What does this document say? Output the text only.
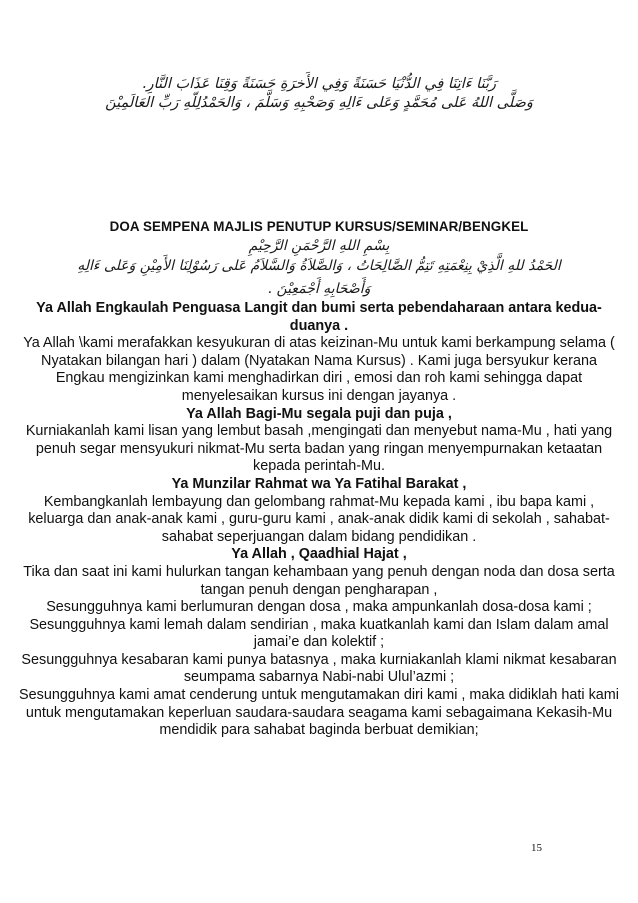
رَبَّنَا ءَاتِنَا فِي الدُّنْيَا حَسَنَةً وَفِي الأَخرَةِ حَسَنَةً وَقِنَا عَذَابَ النَّارِ.
وَصَلَّى اللهُ عَلى مُحَمَّدٍ وَعَلى ءَالِهِ وَصَحْبِهِ وَسَلَّمَ ، وَالحَمْدُلِلّهِ رَبِّ العَالَمِيْنَ
DOA SEMPENA MAJLIS PENUTUP KURSUS/SEMINAR/BENGKEL
بِسْمِ اللهِ الرَّحْمَنِ الرَّحِيْمِ
الحَمْدُ للهِ الَّذِيْ بِنِعْمَتِهِ تَتِمُّ الصَّالِحَاتُ ، وَالصَّلاَةُ وَالسَّلاَمُ عَلى رَسُوْلِنَا الأَمِيْنِ وَعَلى ءَالِهِ
وَأَصْحَابِهِ أَجْمَعِيْنَ .

Ya Allah Engkaulah Penguasa Langit dan bumi serta pebendaharaan antara kedua-duanya .

Ya Allah \kami merafakkan kesyukuran di atas keizinan-Mu untuk kami berkampung selama ( Nyatakan bilangan hari ) dalam (Nyatakan Nama Kursus) . Kami juga bersyukur kerana Engkau mengizinkan kami menghadirkan diri , emosi dan roh kami sehingga dapat menyelesaikan kursus ini dengan jayanya .

Ya Allah Bagi-Mu segala puji dan puja ,

Kurniakanlah kami lisan yang lembut basah ,mengingati dan menyebut nama-Mu , hati yang penuh segar mensyukuri nikmat-Mu serta badan yang ringan menyempurnakan ketaatan kepada perintah-Mu.

Ya Munzilar Rahmat wa Ya Fatihal Barakat ,

Kembangkanlah lembayung dan gelombang rahmat-Mu kepada kami , ibu bapa kami , keluarga dan anak-anak kami , guru-guru kami , anak-anak didik kami di sekolah , sahabat-sahabat seperjuangan dalam bidang pendidikan .

Ya Allah , Qaadhial Hajat ,

Tika dan saat ini kami hulurkan tangan kehambaan yang penuh dengan noda dan dosa serta tangan penuh dengan pengharapan ,

Sesungguhnya kami berlumuran dengan dosa , maka ampunkanlah dosa-dosa kami ;

Sesungguhnya kami lemah dalam sendirian , maka kuatkanlah kami dan Islam dalam amal jamai’e dan kolektif ;

Sesungguhnya kesabaran kami punya batasnya , maka kurniakanlah klami nikmat kesabaran seumpama sabarnya Nabi-nabi Ulul’azmi ;

Sesungguhnya kami amat cenderung untuk mengutamakan diri kami , maka didiklah hati kami untuk mengutamakan keperluan saudara-saudara seagama kami sebagaimana Kekasih-Mu mendidik para sahabat baginda berbuat demikian;

15
